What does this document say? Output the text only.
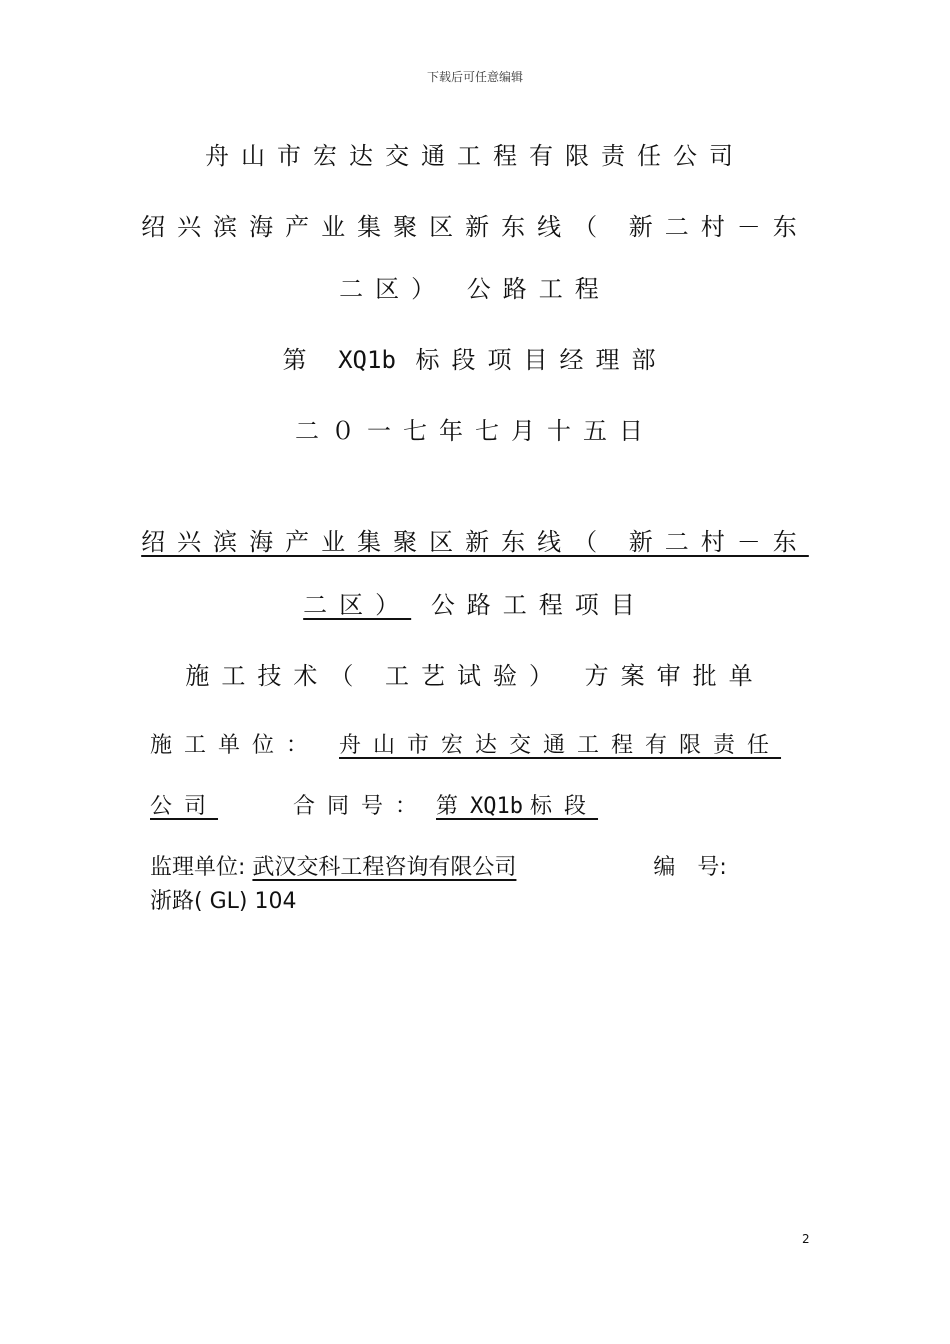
下载后可任意编辑
舟山市宏达交通工程有限责任公司
绍兴滨海产业集聚区新东线（ 新二村－东
二区） 公路工程
第 XQ1b 标段项目经理部
二０一七年七月十五日
绍兴滨海产业集聚区新东线（ 新二村－东
二区） 公路工程项目
施工技术（ 工艺试验） 方案审批单
施工单位： 舟山市宏达交通工程有限责任
公司	合同号： 第XQ1b 标段
监理单位: 武汉交科工程咨询有限公司	编　号:
浙路( GL) 104
2
